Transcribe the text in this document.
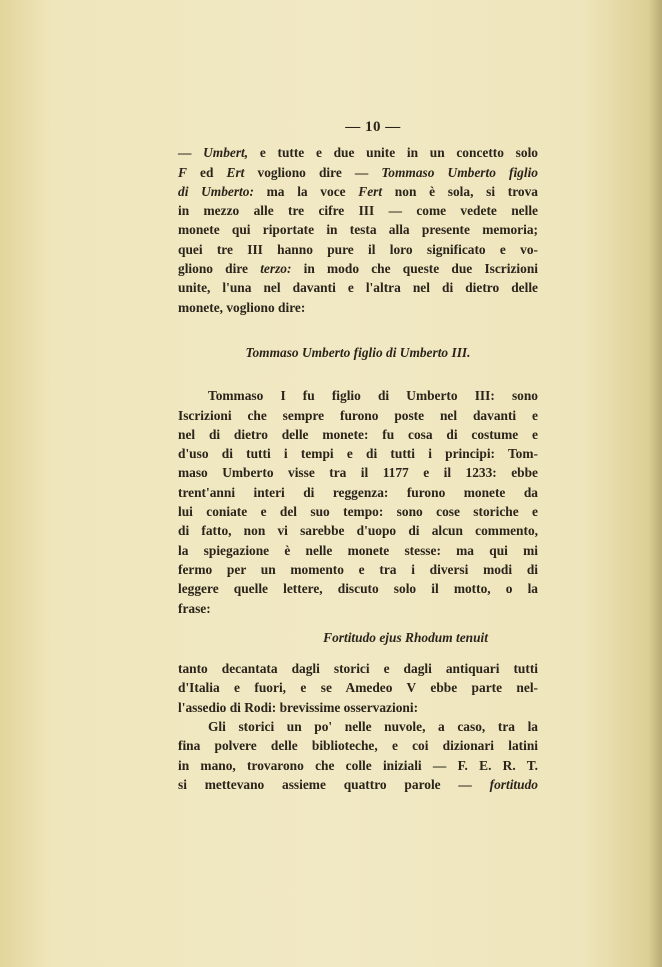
— 10 —
— Umbert, e tutte e due unite in un concetto solo
F ed Ert vogliono dire — Tommaso Umberto figlio
di Umberto: ma la voce Fert non è sola, si trova
in mezzo alle tre cifre III — come vedete nelle
monete qui riportate in testa alla presente memoria;
quei tre III hanno pure il loro significato e vo-
gliono dire terzo: in modo che queste due Iscrizioni
unite, l'una nel davanti e l'altra nel di dietro delle
monete, vogliono dire:
Tommaso Umberto figlio di Umberto III.
Tommaso I fu figlio di Umberto III: sono
Iscrizioni che sempre furono poste nel davanti e
nel di dietro delle monete: fu cosa di costume e
d'uso di tutti i tempi e di tutti i principi: Tom-
maso Umberto visse tra il 1177 e il 1233: ebbe
trent'anni interi di reggenza: furono monete da
lui coniate e del suo tempo: sono cose storiche e
di fatto, non vi sarebbe d'uopo di alcun commento,
la spiegazione è nelle monete stesse: ma qui mi
fermo per un momento e tra i diversi modi di
leggere quelle lettere, discuto solo il motto, o la
frase:
Fortitudo ejus Rhodum tenuit
tanto decantata dagli storici e dagli antiquari tutti
d'Italia e fuori, e se Amedeo V ebbe parte nel-
l'assedio di Rodi: brevissime osservazioni:
Gli storici un po' nelle nuvole, a caso, tra la
fina polvere delle biblioteche, e coi dizionari latini
in mano, trovarono che colle iniziali — F. E. R. T.
si mettevano assieme quattro parole — fortitudo
